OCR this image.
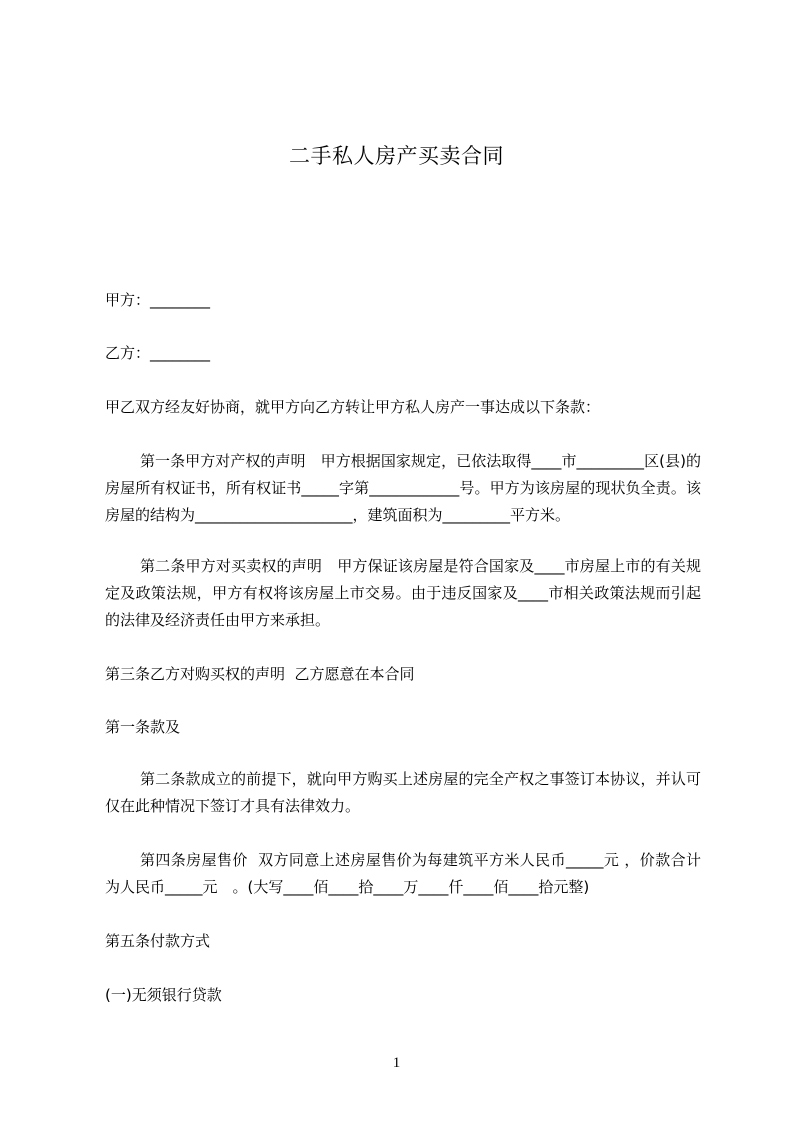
二手私人房产买卖合同
甲方：________
乙方：________
甲乙双方经友好协商，就甲方向乙方转让甲方私人房产一事达成以下条款：
第一条甲方对产权的声明　甲方根据国家规定，已依法取得____市_________区(县)的房屋所有权证书，所有权证书_____字第____________号。甲方为该房屋的现状负全责。该房屋的结构为_____________________，建筑面积为_________平方米。
第二条甲方对买卖权的声明　甲方保证该房屋是符合国家及____市房屋上市的有关规定及政策法规，甲方有权将该房屋上市交易。由于违反国家及____市相关政策法规而引起的法律及经济责任由甲方来承担。
第三条乙方对购买权的声明  乙方愿意在本合同
第一条款及
第二条款成立的前提下，就向甲方购买上述房屋的完全产权之事签订本协议，并认可仅在此种情况下签订才具有法律效力。
第四条房屋售价  双方同意上述房屋售价为每建筑平方米人民币_____元 ，价款合计为人民币_____元　。(大写____佰____拾____万____仟____佰____拾元整)
第五条付款方式
(一)无须银行贷款
1
